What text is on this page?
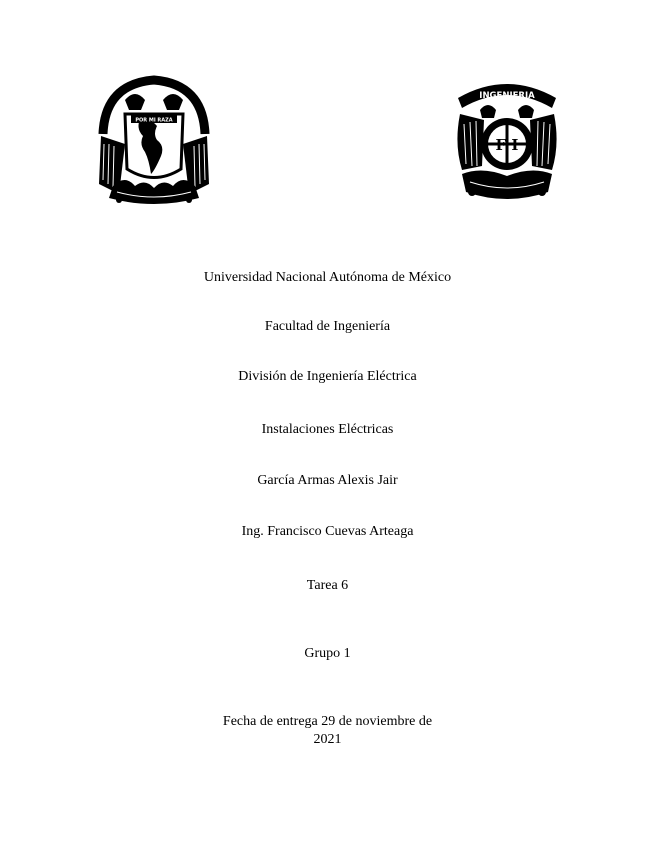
POR MI RAZA
INGENIERIA
F I
Universidad Nacional Autónoma de México
Facultad de Ingeniería
División de Ingeniería Eléctrica
Instalaciones Eléctricas
García Armas Alexis Jair
Ing. Francisco Cuevas Arteaga
Tarea 6
Grupo 1
Fecha de entrega 29 de noviembre de
2021
